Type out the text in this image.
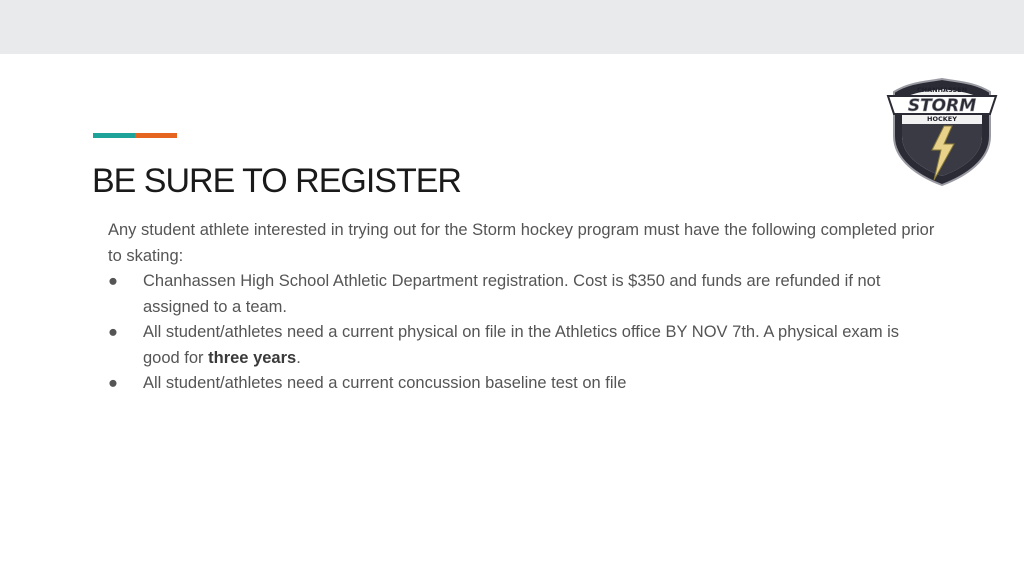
BE SURE TO REGISTER

Any student athlete interested in trying out for the Storm hockey program must have the following completed prior to skating:

●	Chanhassen High School Athletic Department registration. Cost is $350 and funds are refunded if not assigned to a team.
●	All student/athletes need a current physical on file in the Athletics office BY NOV 7th. A physical exam is good for three years.
●	All student/athletes need a current concussion baseline test on file
CHANHASSEN
STORM
HOCKEY
